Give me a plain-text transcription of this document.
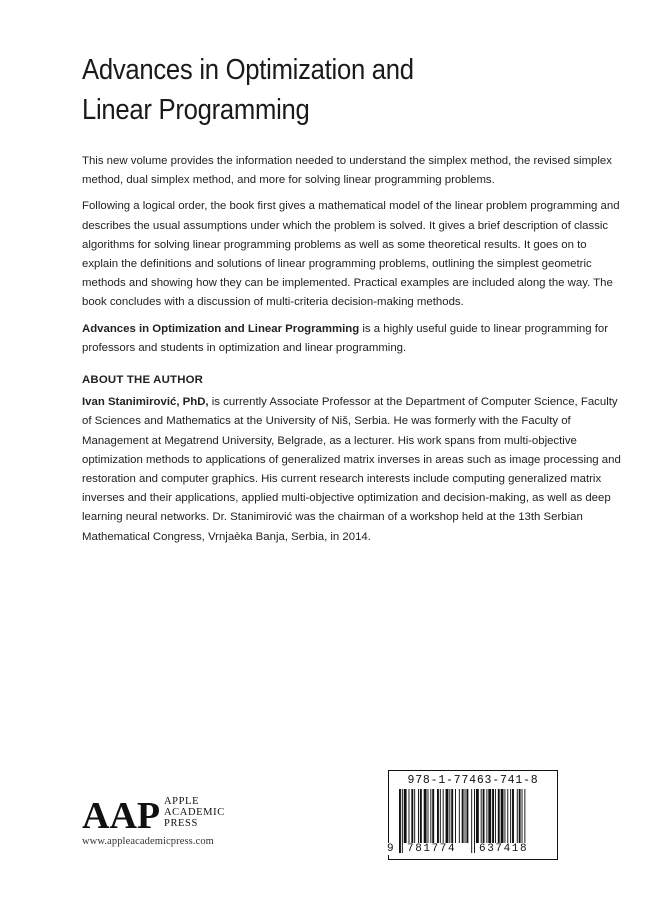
Advances in Optimization and
Linear Programming

This new volume provides the information needed to understand the simplex method, the revised simplex method, dual simplex method, and more for solving linear programming problems.

Following a logical order, the book first gives a mathematical model of the linear problem programming and describes the usual assumptions under which the problem is solved. It gives a brief description of classic algorithms for solving linear programming problems as well as some theoretical results. It goes on to explain the definitions and solutions of linear programming problems, outlining the simplest geometric methods and showing how they can be implemented. Practical examples are included along the way. The book concludes with a discussion of multi-criteria decision-making methods.

Advances in Optimization and Linear Programming is a highly useful guide to linear programming for professors and students in optimization and linear programming.

ABOUT THE AUTHOR

Ivan Stanimirović, PhD, is currently Associate Professor at the Department of Computer Science, Faculty of Sciences and Mathematics at the University of Niš, Serbia. He was formerly with the Faculty of Management at Megatrend University, Belgrade, as a lecturer. His work spans from multi-objective optimization methods to applications of generalized matrix inverses in areas such as image processing and restoration and computer graphics. His current research interests include computing generalized matrix inverses and their applications, applied multi-objective optimization and decision-making, as well as deep learning neural networks. Dr. Stanimirović was the chairman of a workshop held at the 13th Serbian Mathematical Congress, Vrnjaèka Banja, Serbia, in 2014.

AAP APPLE
ACADEMIC
PRESS
www.appleacademicpress.com
978-1-77463-741-8
9 781774 637418
